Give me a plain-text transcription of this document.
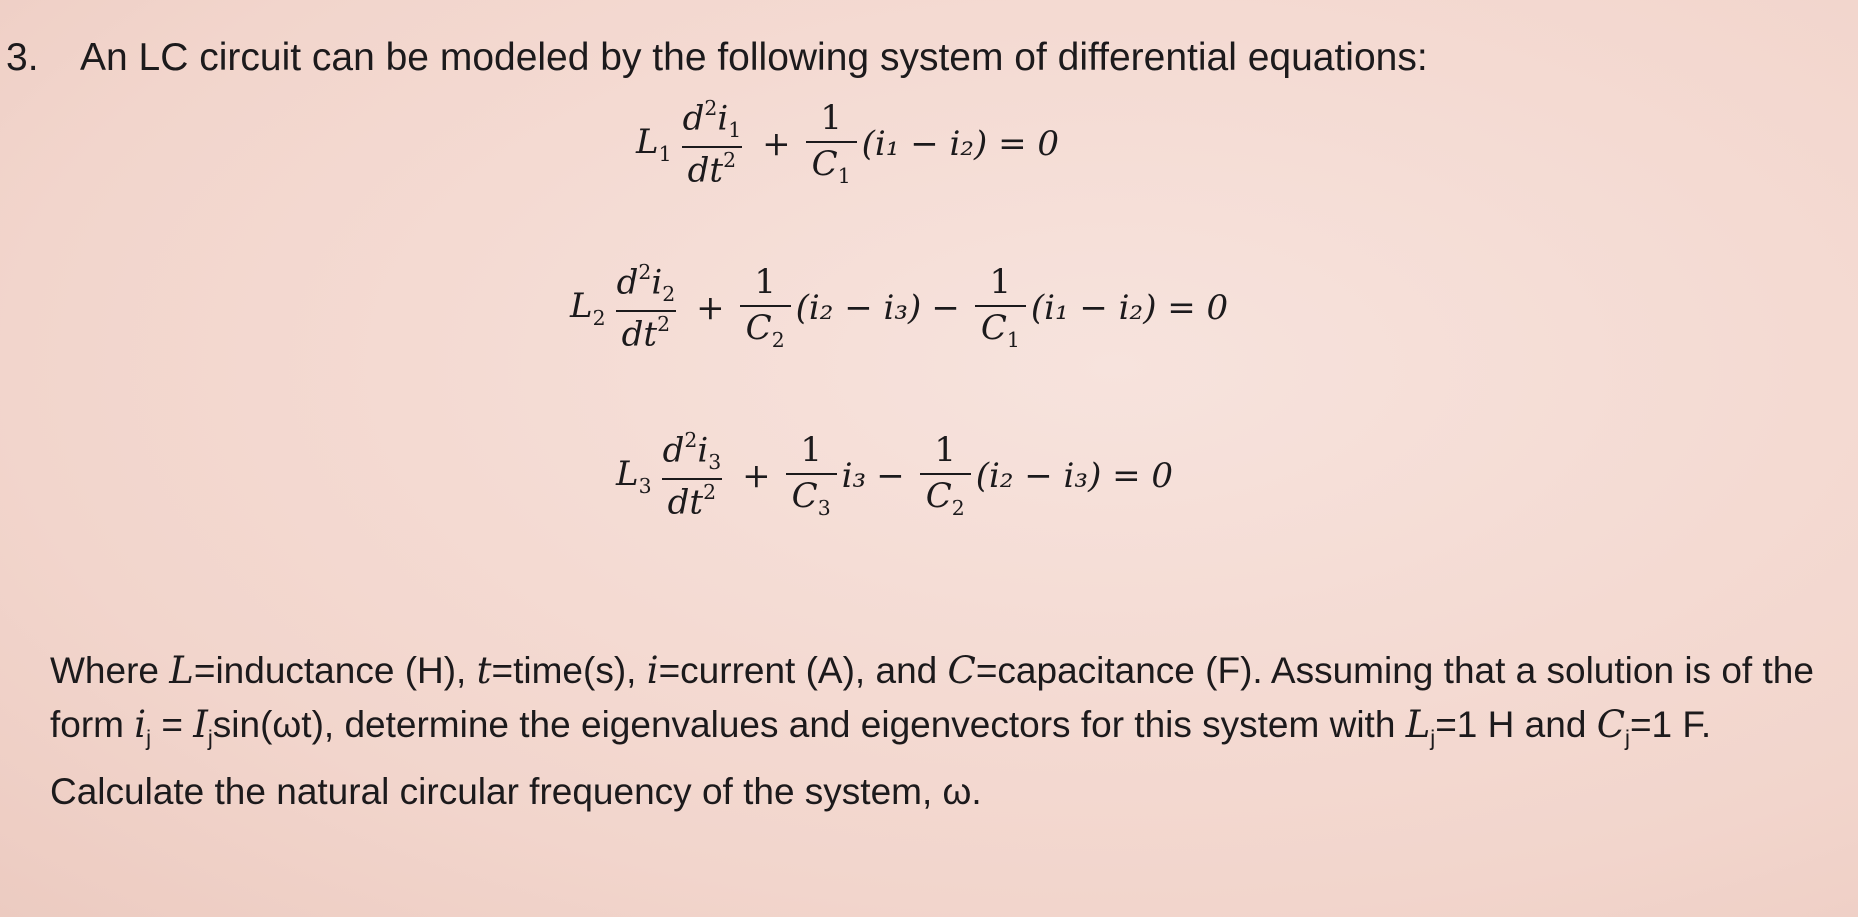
3. An LC circuit can be modeled by the following system of differential equations:
$L_1 \frac{d^2i_1}{dt^2} + \frac{1}{C_1} (i_1 - i_2) = 0$
$L_2 \frac{d^2i_2}{dt^2} + \frac{1}{C_2} (i_2 - i_3) - \frac{1}{C_1} (i_1 - i_2) = 0$
$L_3 \frac{d^2i_3}{dt^2} + \frac{1}{C_3} i_3 - \frac{1}{C_2} (i_2 - i_3) = 0$
Where L=inductance (H), t=time(s), i=current (A), and C=capacitance (F). Assuming that a solution is of the form $i_j = I_j\sin(\omega t)$, determine the eigenvalues and eigenvectors for this system with $L_j=1$ H and $C_j=1$ F. Calculate the natural circular frequency of the system, ω.
